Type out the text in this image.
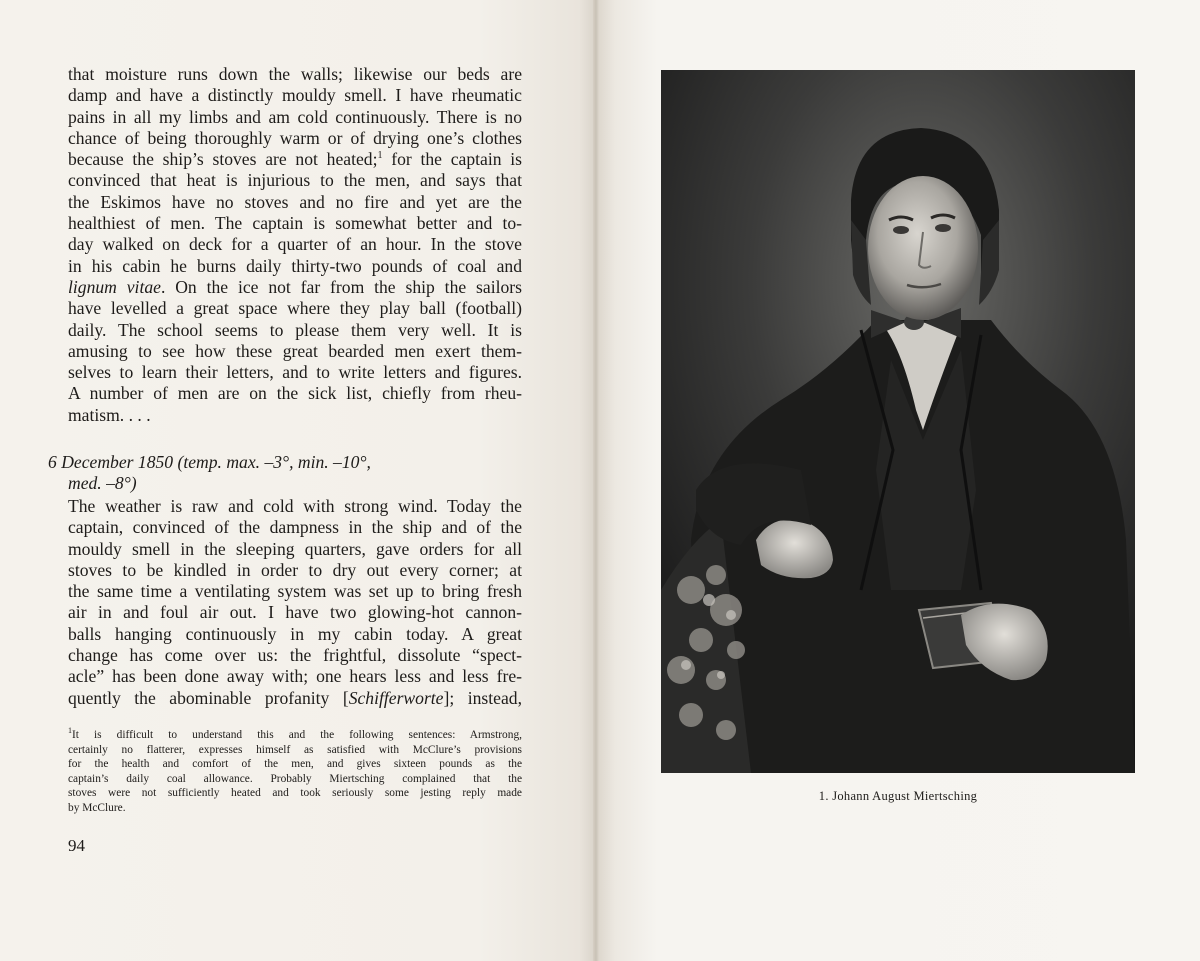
that moisture runs down the walls; likewise our beds are
damp and have a distinctly mouldy smell. I have rheumatic
pains in all my limbs and am cold continuously. There is no
chance of being thoroughly warm or of drying one’s clothes
because the ship’s stoves are not heated;$^1$ for the captain is
convinced that heat is injurious to the men, and says that
the Eskimos have no stoves and no fire and yet are the
healthiest of men. The captain is somewhat better and to-
day walked on deck for a quarter of an hour. In the stove
in his cabin he burns daily thirty-two pounds of coal and
lignum vitae. On the ice not far from the ship the sailors
have levelled a great space where they play ball (football)
daily. The school seems to please them very well. It is
amusing to see how these great bearded men exert them-
selves to learn their letters, and to write letters and figures.
A number of men are on the sick list, chiefly from rheu-
matism. . . .
6 December 1850 (temp. max. –3°, min. –10°,
med. –8°)
The weather is raw and cold with strong wind. Today the
captain, convinced of the dampness in the ship and of the
mouldy smell in the sleeping quarters, gave orders for all
stoves to be kindled in order to dry out every corner; at
the same time a ventilating system was set up to bring fresh
air in and foul air out. I have two glowing-hot cannon-
balls hanging continuously in my cabin today. A great
change has come over us: the frightful, dissolute “spect-
acle” has been done away with; one hears less and less fre-
quently the abominable profanity [Schifferworte]; instead,
$^1$It is difficult to understand this and the following sentences: Armstrong,
certainly no flatterer, expresses himself as satisfied with McClure’s provisions
for the health and comfort of the men, and gives sixteen pounds as the
captain’s daily coal allowance. Probably Miertsching complained that the
stoves were not sufficiently heated and took seriously some jesting reply made
by McClure.
94
1. Johann August Miertsching
